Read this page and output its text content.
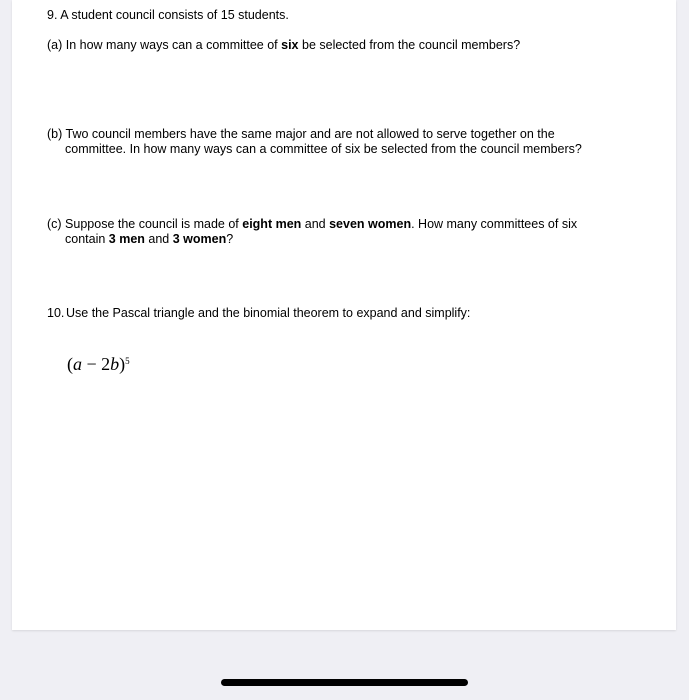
9. A student council consists of 15 students.
(a) In how many ways can a committee of six be selected from the council members?
(b) Two council members have the same major and are not allowed to serve together on the
committee. In how many ways can a committee of six be selected from the council members?
(c) Suppose the council is made of eight men and seven women. How many committees of six
contain 3 men and 3 women?
10. Use the Pascal triangle and the binomial theorem to expand and simplify:
$(a - 2b)^5$
